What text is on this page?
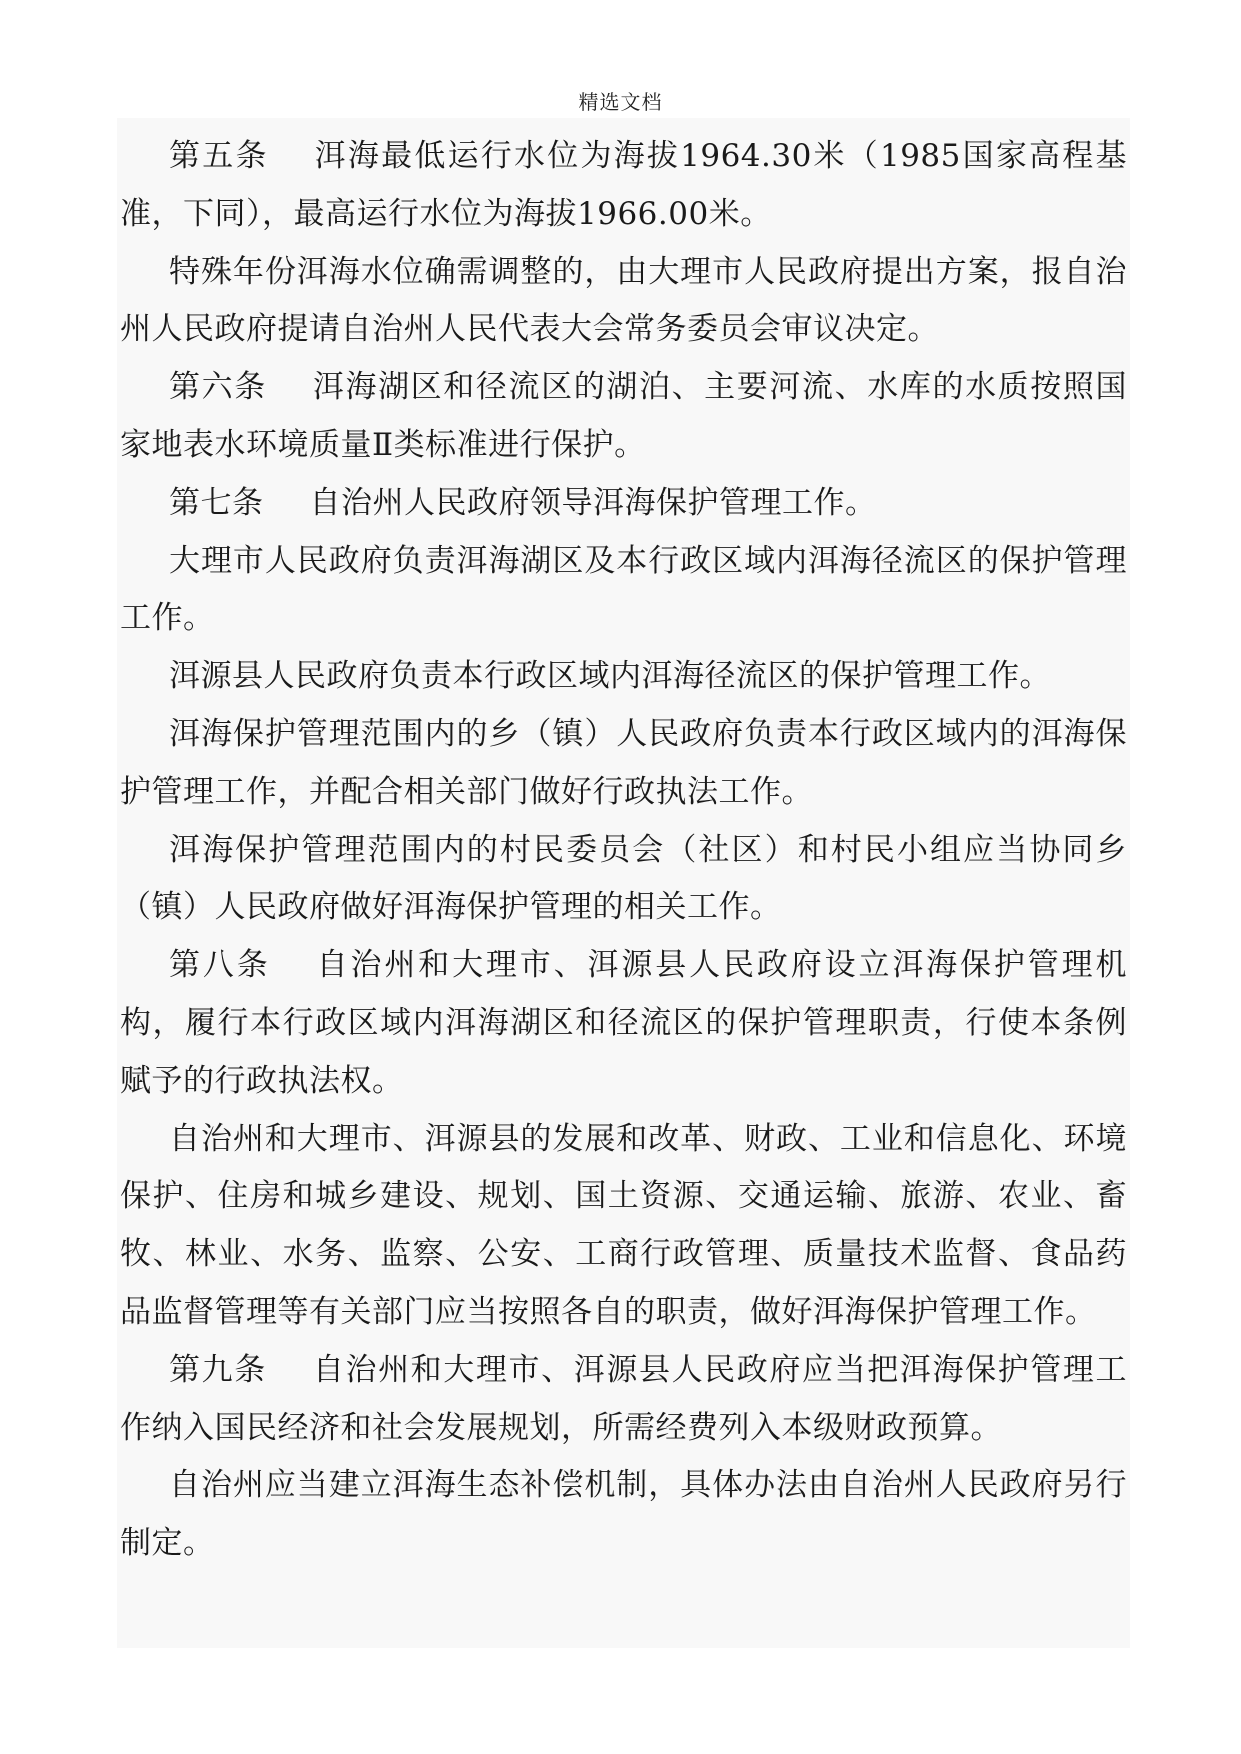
精选文档

第五条 洱海最低运行水位为海拔1964.30米（1985国家高程基准，下同），最高运行水位为海拔1966.00米。

特殊年份洱海水位确需调整的，由大理市人民政府提出方案，报自治州人民政府提请自治州人民代表大会常务委员会审议决定。

第六条 洱海湖区和径流区的湖泊、主要河流、水库的水质按照国家地表水环境质量Ⅱ类标准进行保护。

第七条 自治州人民政府领导洱海保护管理工作。

大理市人民政府负责洱海湖区及本行政区域内洱海径流区的保护管理工作。

洱源县人民政府负责本行政区域内洱海径流区的保护管理工作。

洱海保护管理范围内的乡（镇）人民政府负责本行政区域内的洱海保护管理工作，并配合相关部门做好行政执法工作。

洱海保护管理范围内的村民委员会（社区）和村民小组应当协同乡（镇）人民政府做好洱海保护管理的相关工作。

第八条 自治州和大理市、洱源县人民政府设立洱海保护管理机构，履行本行政区域内洱海湖区和径流区的保护管理职责，行使本条例赋予的行政执法权。

自治州和大理市、洱源县的发展和改革、财政、工业和信息化、环境保护、住房和城乡建设、规划、国土资源、交通运输、旅游、农业、畜牧、林业、水务、监察、公安、工商行政管理、质量技术监督、食品药品监督管理等有关部门应当按照各自的职责，做好洱海保护管理工作。

第九条 自治州和大理市、洱源县人民政府应当把洱海保护管理工作纳入国民经济和社会发展规划，所需经费列入本级财政预算。

自治州应当建立洱海生态补偿机制，具体办法由自治州人民政府另行制定。
